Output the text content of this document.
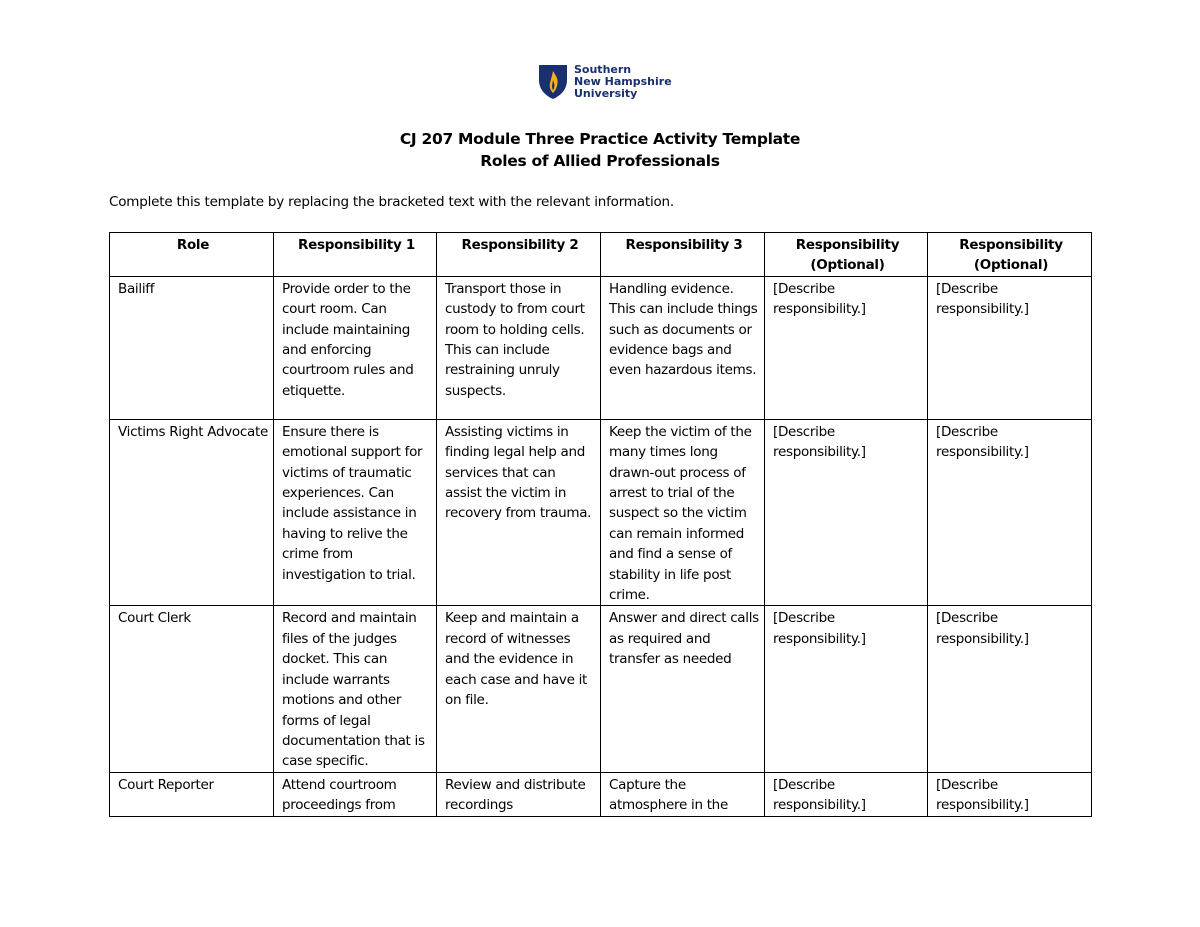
Southern
New Hampshire
University
CJ 207 Module Three Practice Activity Template
Roles of Allied Professionals
Complete this template by replacing the bracketed text with the relevant information.
Role	Responsibility 1	Responsibility 2	Responsibility 3	Responsibility (Optional)	Responsibility (Optional)
Bailiff	Provide order to the court room. Can include maintaining and enforcing courtroom rules and etiquette.	Transport those in custody to from court room to holding cells. This can include restraining unruly suspects.	Handling evidence. This can include things such as documents or evidence bags and even hazardous items.	[Describe responsibility.]	[Describe responsibility.]
Victims Right Advocate	Ensure there is emotional support for victims of traumatic experiences. Can include assistance in having to relive the crime from investigation to trial.	Assisting victims in finding legal help and services that can assist the victim in recovery from trauma.	Keep the victim of the many times long drawn-out process of arrest to trial of the suspect so the victim can remain informed and find a sense of stability in life post crime.	[Describe responsibility.]	[Describe responsibility.]
Court Clerk	Record and maintain files of the judges docket. This can include warrants motions and other forms of legal documentation that is case specific.	Keep and maintain a record of witnesses and the evidence in each case and have it on file.	Answer and direct calls as required and transfer as needed	[Describe responsibility.]	[Describe responsibility.]
Court Reporter	Attend courtroom proceedings from	Review and distribute recordings	Capture the atmosphere in the	[Describe responsibility.]	[Describe responsibility.]
